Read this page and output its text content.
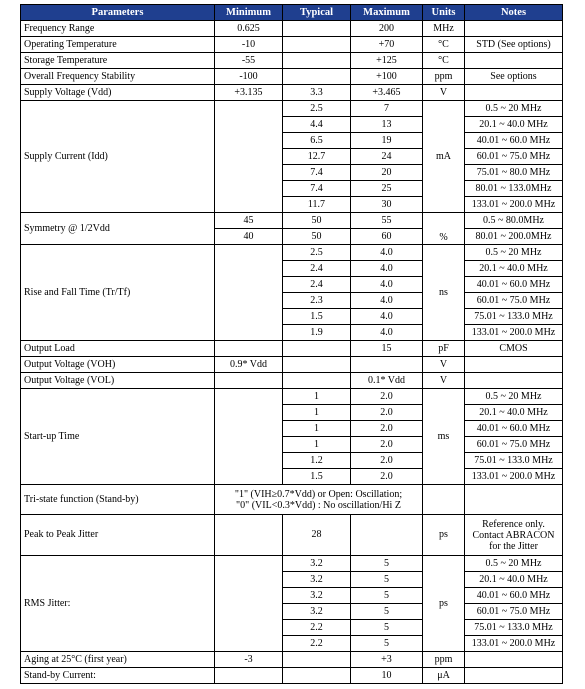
Parameters	Minimum	Typical	Maximum	Units	Notes
Frequency Range	0.625		200	MHz	
Operating Temperature	-10		+70	°C	STD (See options)
Storage Temperature	-55		+125	°C	
Overall Frequency Stability	-100		+100	ppm	See options
Supply Voltage (Vdd)	+3.135	3.3	+3.465	V	
Supply Current (Idd)		2.5	7	mA	0.5 ~ 20 MHz
		4.4	13		20.1 ~ 40.0 MHz
		6.5	19		40.01 ~ 60.0 MHz
		12.7	24		60.01 ~ 75.0 MHz
		7.4	20		75.01 ~ 80.0 MHz
		7.4	25		80.01 ~ 133.0MHz
		11.7	30		133.01 ~ 200.0 MHz
Symmetry @ 1/2Vdd	45	50	55	%	0.5 ~ 80.0MHz
	40	50	60		80.01 ~ 200.0MHz
Rise and Fall Time (Tr/Tf)		2.5	4.0	ns	0.5 ~ 20 MHz
		2.4	4.0		20.1 ~ 40.0 MHz
		2.4	4.0		40.01 ~ 60.0 MHz
		2.3	4.0		60.01 ~ 75.0 MHz
		1.5	4.0		75.01 ~ 133.0 MHz
		1.9	4.0		133.01 ~ 200.0 MHz
Output Load			15	pF	CMOS
Output Voltage (VOH)	0.9* Vdd			V	
Output Voltage (VOL)			0.1* Vdd	V	
Start-up Time		1	2.0	ms	0.5 ~ 20 MHz
		1	2.0		20.1 ~ 40.0 MHz
		1	2.0		40.01 ~ 60.0 MHz
		1	2.0		60.01 ~ 75.0 MHz
		1.2	2.0		75.01 ~ 133.0 MHz
		1.5	2.0		133.01 ~ 200.0 MHz
Tri-state function (Stand-by)	"1" (VIH≥0.7*Vdd) or Open: Oscillation;
"0" (VIL<0.3*Vdd) : No oscillation/Hi Z				

Peak to Peak Jitter		28		ps	Reference only.
Contact ABRACON
for the Jitter

RMS Jitter:		3.2	5	ps	0.5 ~ 20 MHz
		3.2	5		20.1 ~ 40.0 MHz
		3.2	5		40.01 ~ 60.0 MHz
		3.2	5		60.01 ~ 75.0 MHz
		2.2	5		75.01 ~ 133.0 MHz
		2.2	5		133.01 ~ 200.0 MHz
Aging at 25°C (first year)	-3		+3	ppm	
Stand-by Current:			10	μA	
